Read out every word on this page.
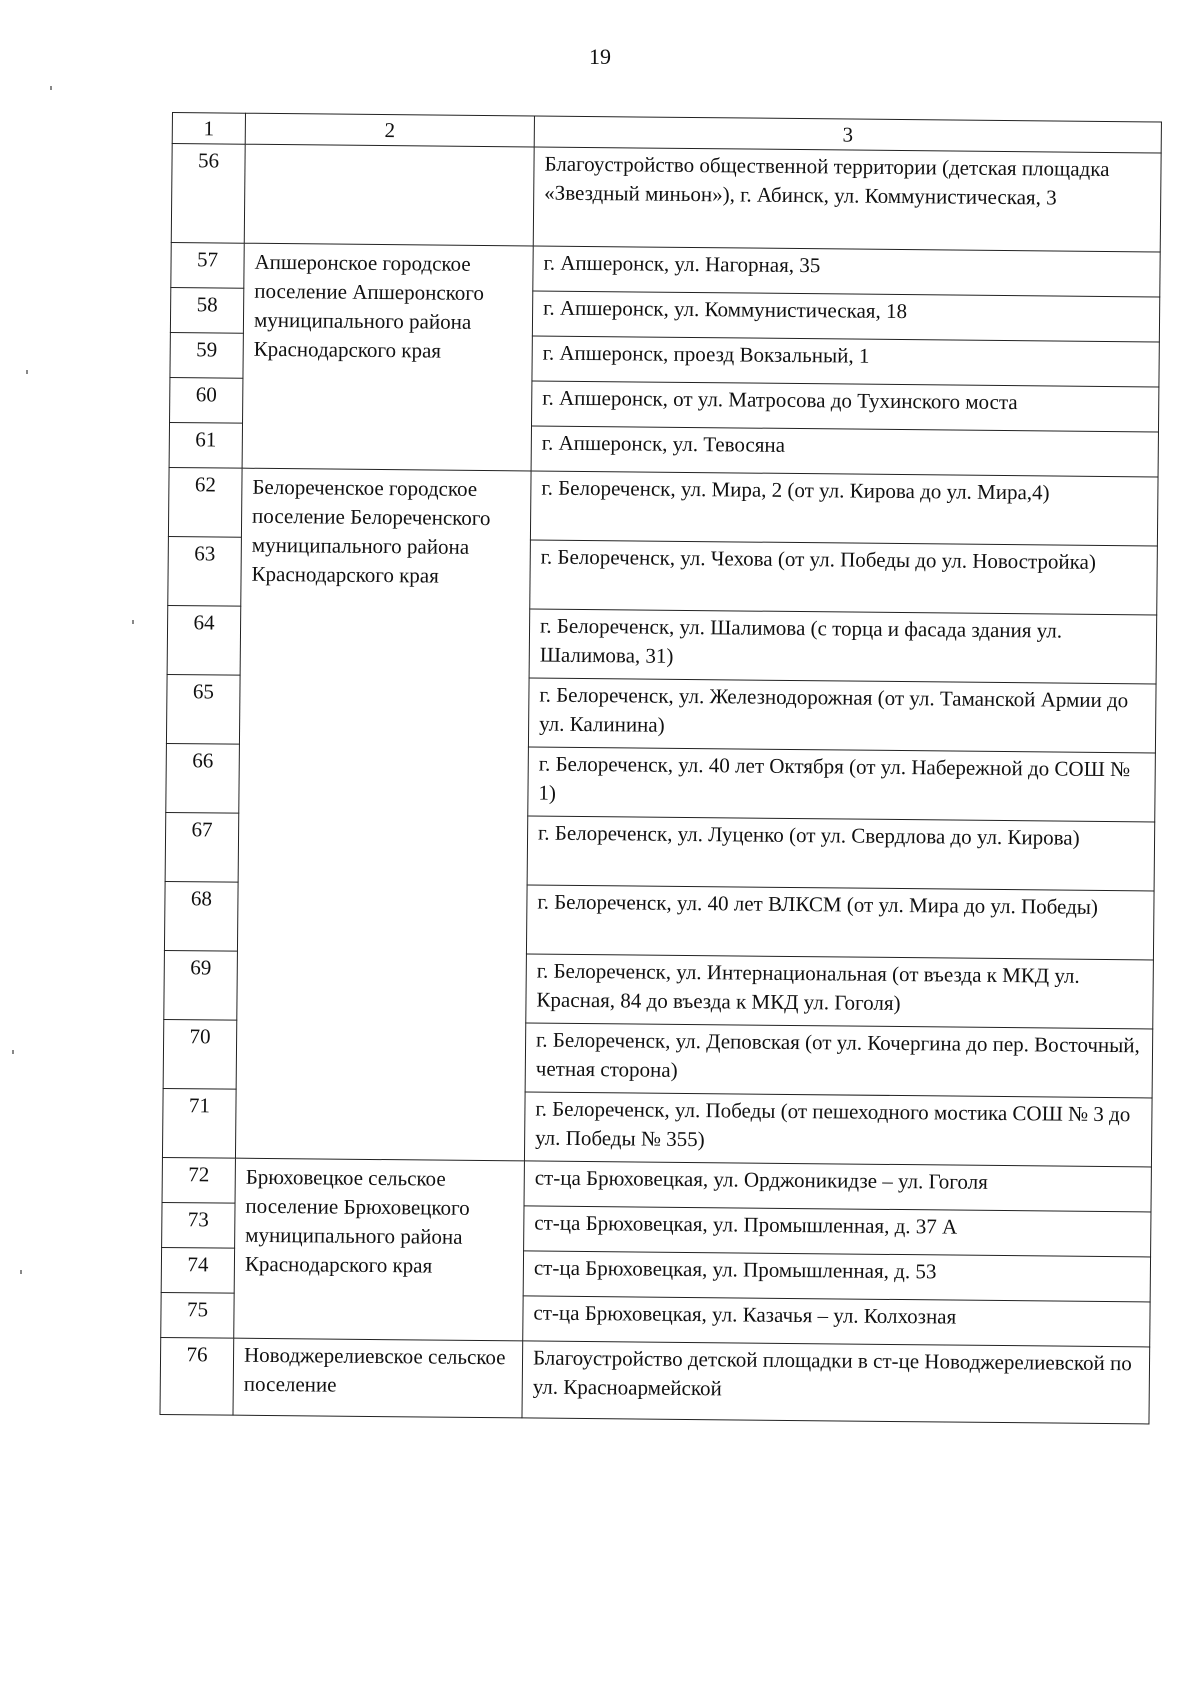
19
1	2	3
56		Благоустройство общественной территории (детская площадка «Звездный миньон»), г. Абинск, ул. Коммунистическая, 3
57	Апшеронское городское поселение Апшеронского муниципального района Краснодарского края	г. Апшеронск, ул. Нагорная, 35
58		г. Апшеронск, ул. Коммунистическая, 18
59		г. Апшеронск, проезд Вокзальный, 1
60		г. Апшеронск, от ул. Матросова до Тухинского моста
61		г. Апшеронск, ул. Тевосяна
62	Белореченское городское поселение Белореченского муниципального района Краснодарского края	г. Белореченск, ул. Мира, 2 (от ул. Кирова до ул. Мира,4)
63		г. Белореченск, ул. Чехова (от ул. Победы до ул. Новостройка)
64		г. Белореченск, ул. Шалимова (с торца и фасада здания ул. Шалимова, 31)
65		г. Белореченск, ул. Железнодорожная (от ул. Таманской Армии до ул. Калинина)
66		г. Белореченск, ул. 40 лет Октября (от ул. Набережной до СОШ № 1)
67		г. Белореченск, ул. Луценко (от ул. Свердлова до ул. Кирова)
68		г. Белореченск, ул. 40 лет ВЛКСМ (от ул. Мира до ул. Победы)
69		г. Белореченск, ул. Интернациональная (от въезда к МКД ул. Красная, 84 до въезда к МКД ул. Гоголя)
70		г. Белореченск, ул. Деповская (от ул. Кочергина до пер. Восточный, четная сторона)
71		г. Белореченск, ул. Победы (от пешеходного мостика СОШ № 3 до ул. Победы № 355)
72	Брюховецкое сельское поселение Брюховецкого муниципального района Краснодарского края	ст-ца Брюховецкая, ул. Орджоникидзе – ул. Гоголя
73		ст-ца Брюховецкая, ул. Промышленная, д. 37 А
74		ст-ца Брюховецкая, ул. Промышленная, д. 53
75		ст-ца Брюховецкая, ул. Казачья – ул. Колхозная
76	Новоджерелиевское сельское поселение	Благоустройство детской площадки в ст-це Новоджерелиевской по ул. Красноармейской
